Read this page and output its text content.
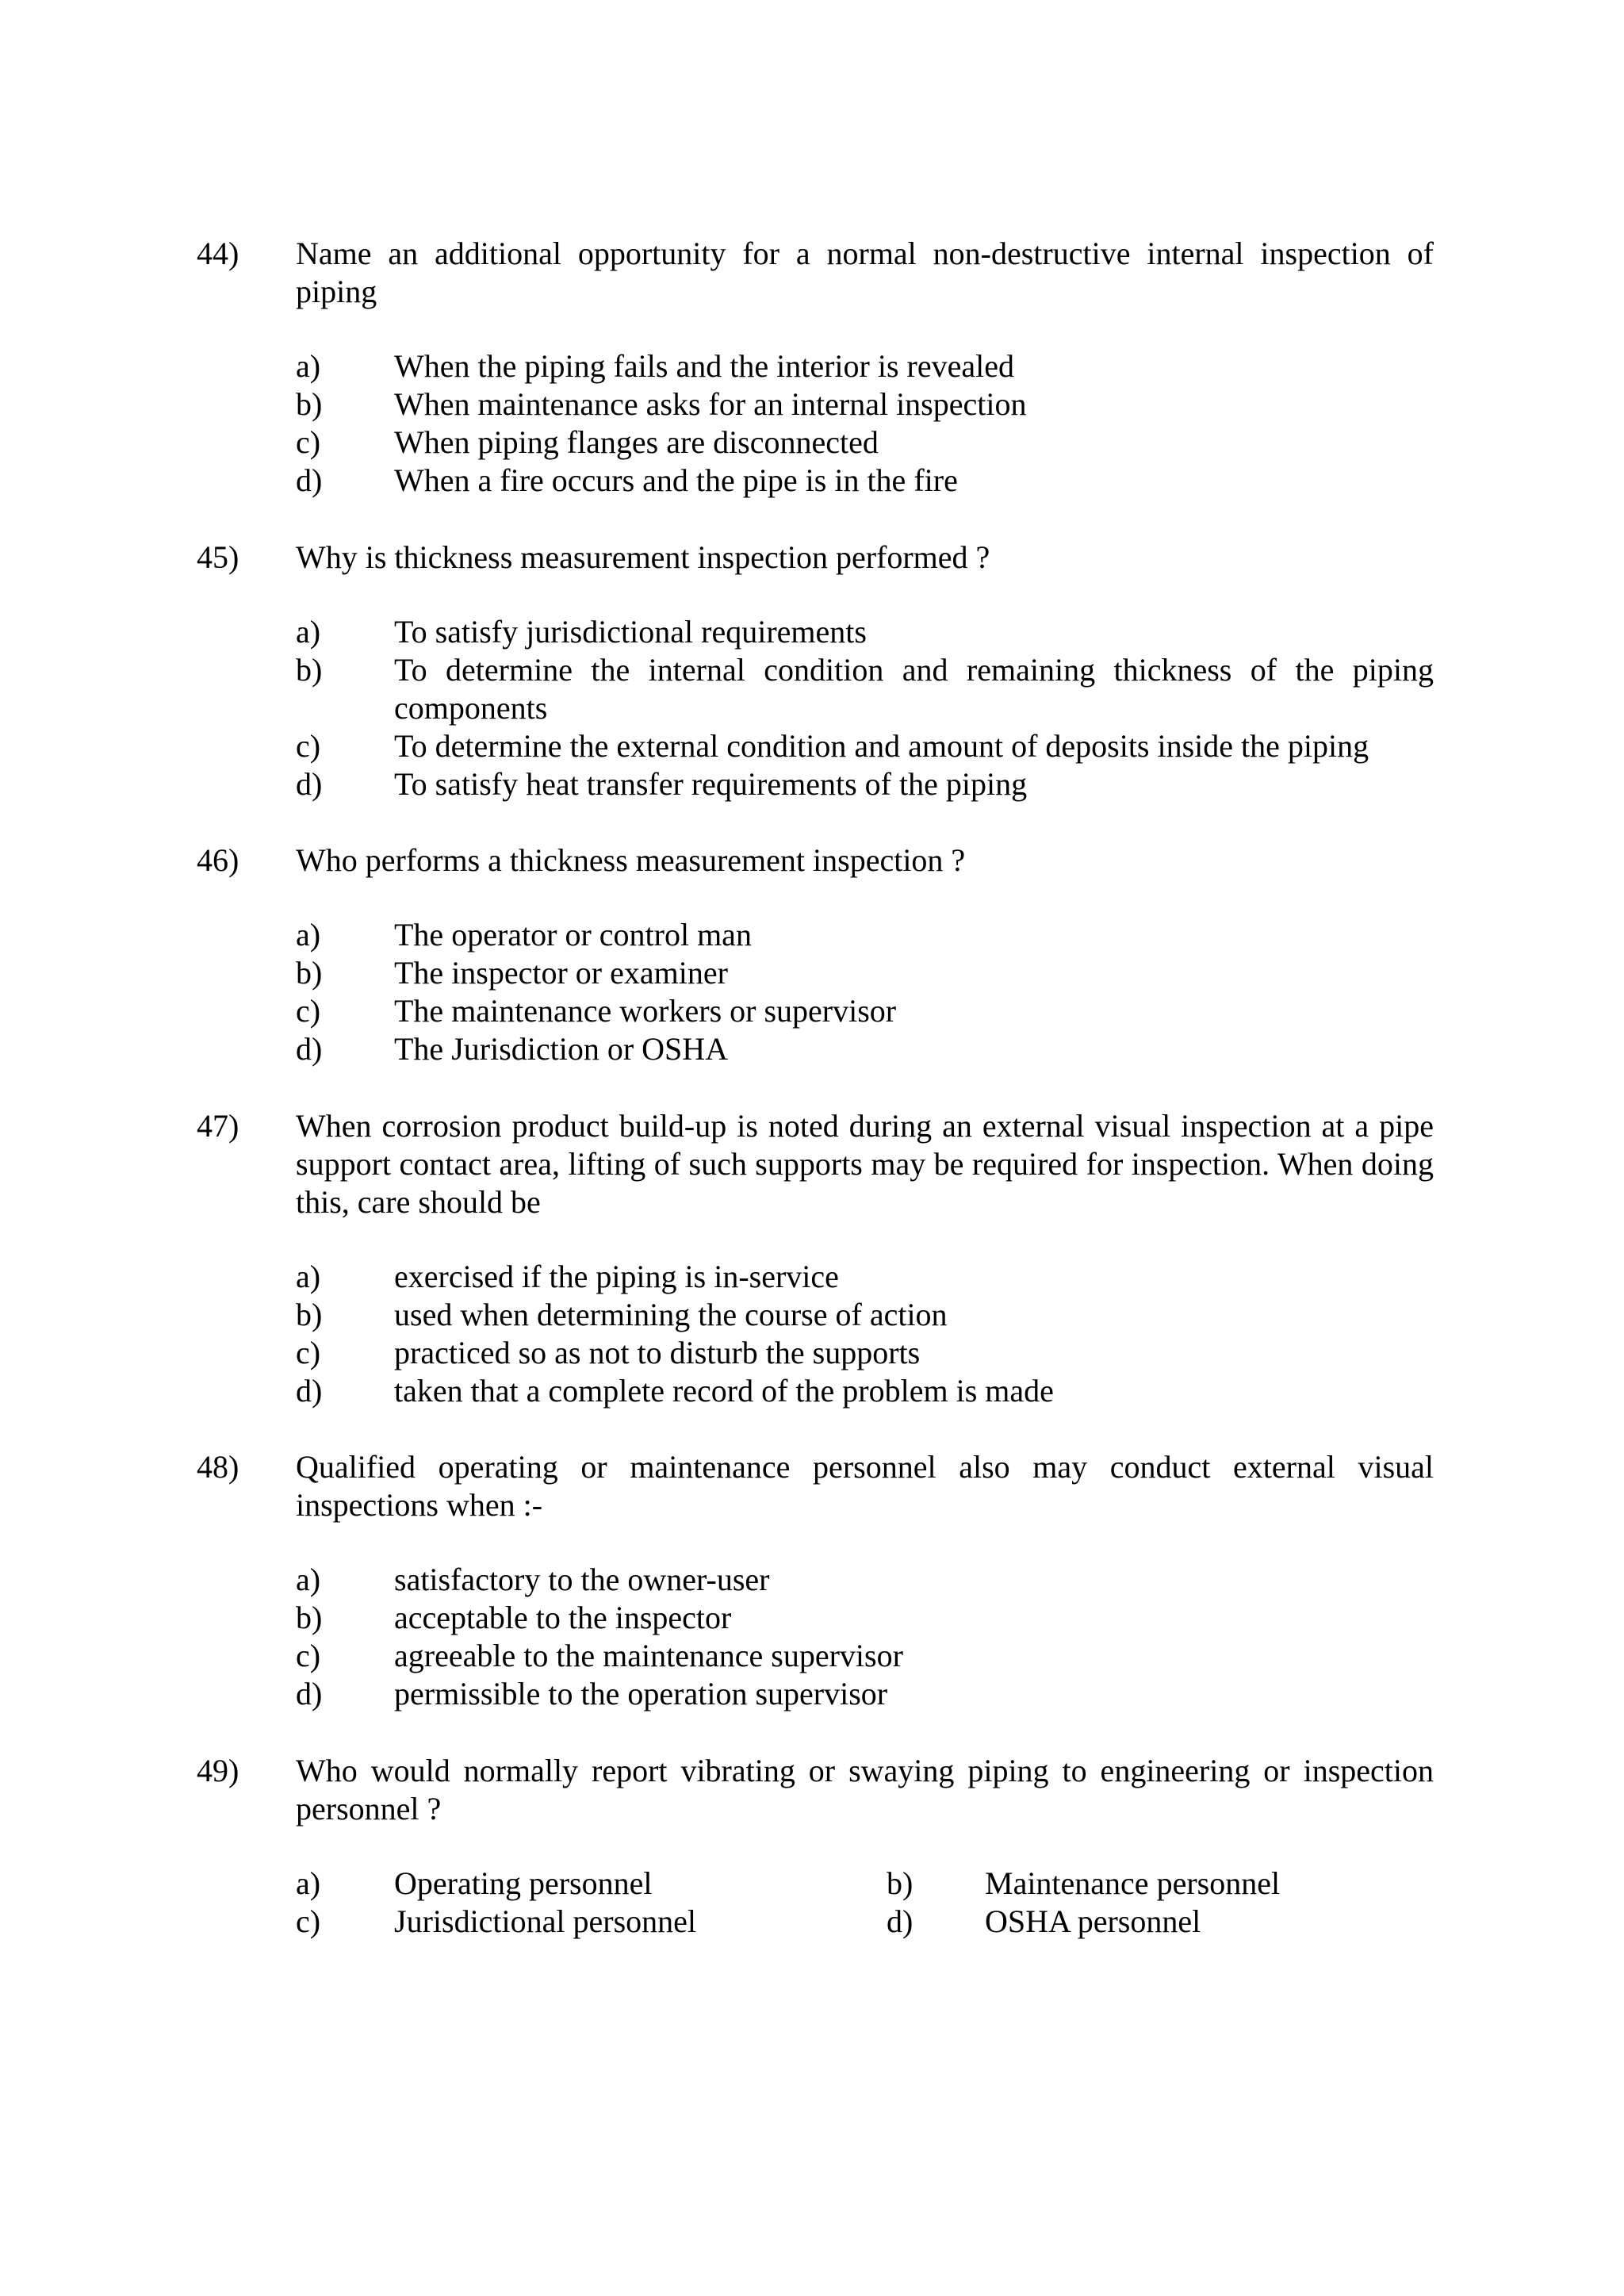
44)	Name an additional opportunity for a normal non-destructive internal inspection of piping
a)	When the piping fails and the interior is revealed
b)	When maintenance asks for an internal inspection
c)	When piping flanges are disconnected
d)	When a fire occurs and the pipe is in the fire
45)	Why is thickness measurement inspection performed ?
a)	To satisfy jurisdictional requirements
b)	To determine the internal condition and remaining thickness of the piping components
c)	To determine the external condition and amount of deposits inside the piping
d)	To satisfy heat transfer requirements of the piping
46)	Who performs a thickness measurement inspection ?
a)	The operator or control man
b)	The inspector or examiner
c)	The maintenance workers or supervisor
d)	The Jurisdiction or OSHA
47)	When corrosion product build-up is noted during an external visual inspection at a pipe support contact area, lifting of such supports may be required for inspection. When doing this, care should be
a)	exercised if the piping is in-service
b)	used when determining the course of action
c)	practiced so as not to disturb the supports
d)	taken that a complete record of the problem is made
48)	Qualified operating or maintenance personnel also may conduct external visual inspections when :-
a)	satisfactory to the owner-user
b)	acceptable to the inspector
c)	agreeable to the maintenance supervisor
d)	permissible to the operation supervisor
49)	Who would normally report vibrating or swaying piping to engineering or inspection personnel ?
a)	Operating personnel	b)	Maintenance personnel
c)	Jurisdictional personnel	d)	OSHA personnel
